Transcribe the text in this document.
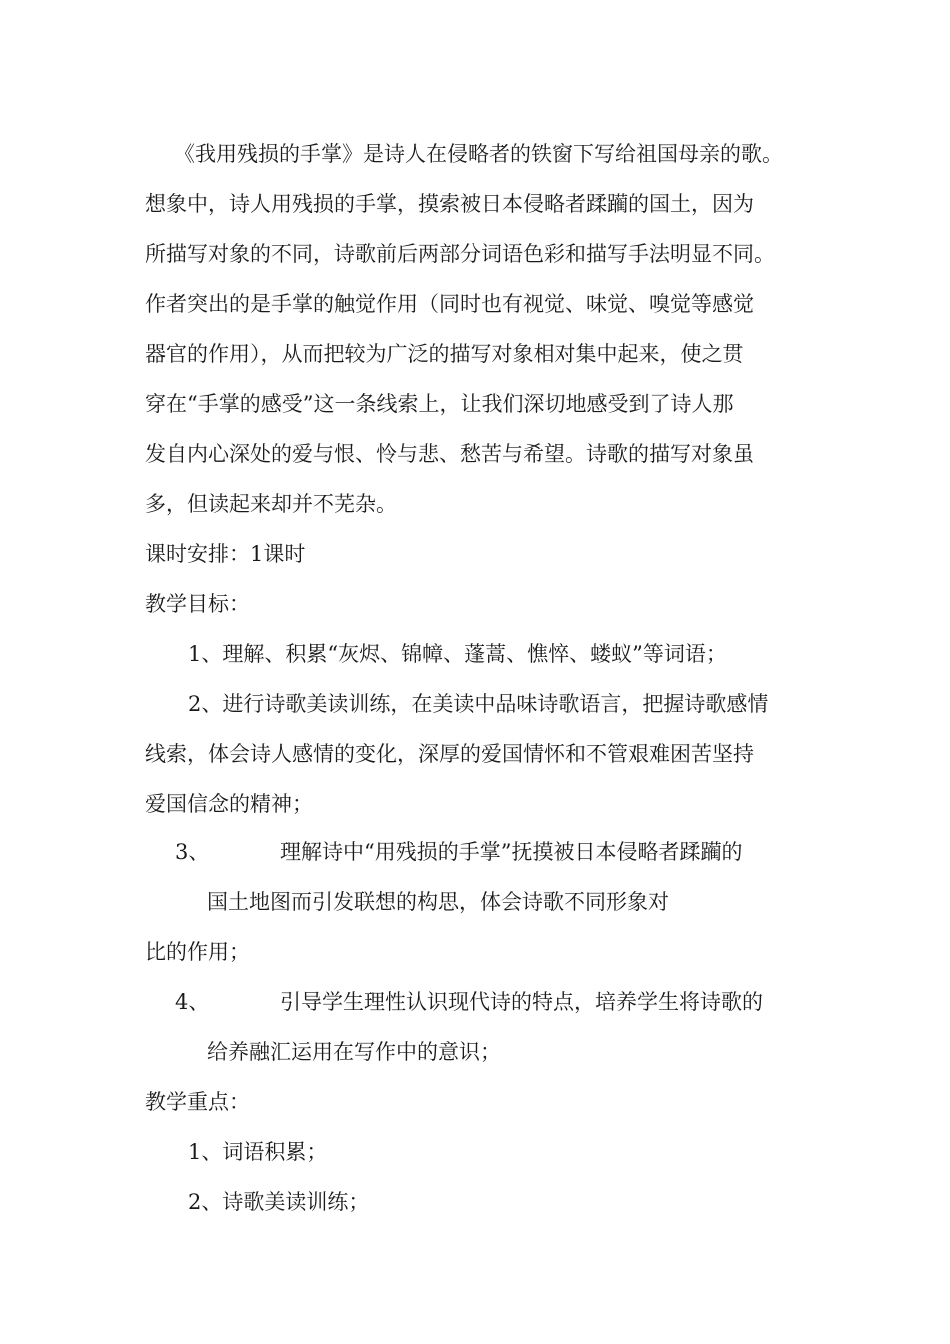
《我用残损的手掌》是诗人在侵略者的铁窗下写给祖国母亲的歌。
想象中，诗人用残损的手掌，摸索被日本侵略者蹂躏的国土，因为
所描写对象的不同，诗歌前后两部分词语色彩和描写手法明显不同。
作者突出的是手掌的触觉作用（同时也有视觉、味觉、嗅觉等感觉
器官的作用），从而把较为广泛的描写对象相对集中起来，使之贯
穿在“手掌的感受”这一条线索上，让我们深切地感受到了诗人那
发自内心深处的爱与恨、怜与悲、愁苦与希望。诗歌的描写对象虽
多，但读起来却并不芜杂。
课时安排：1课时
教学目标：
1、理解、积累“灰烬、锦幛、蓬蒿、憔悴、蝼蚁”等词语；
2、进行诗歌美读训练，在美读中品味诗歌语言，把握诗歌感情
线索，体会诗人感情的变化，深厚的爱国情怀和不管艰难困苦坚持
爱国信念的精神；
3、	理解诗中“用残损的手掌”抚摸被日本侵略者蹂躏的
国土地图而引发联想的构思，体会诗歌不同形象对
比的作用；
4、	引导学生理性认识现代诗的特点，培养学生将诗歌的
给养融汇运用在写作中的意识；
教学重点：
1、词语积累；
2、诗歌美读训练；
